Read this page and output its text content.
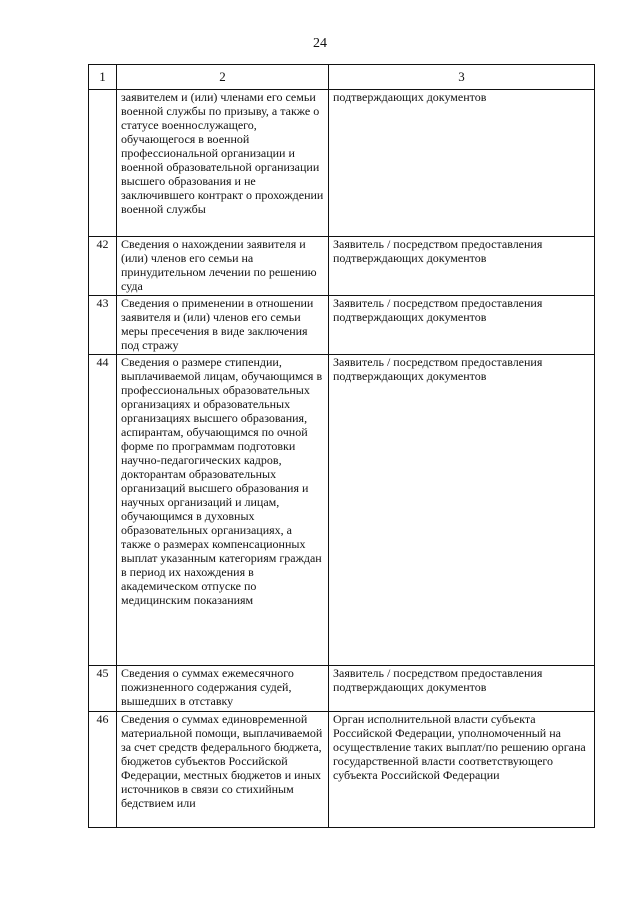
24
1	2	3
	заявителем и (или) членами его семьи военной службы по призыву, а также о статусе военнослужащего, обучающегося в военной профессиональной организации и военной образовательной организации высшего образования и не заключившего контракт о прохождении военной службы	подтверждающих документов
42	Сведения о нахождении заявителя и (или) членов его семьи на принудительном лечении по решению суда	Заявитель / посредством предоставления подтверждающих документов
43	Сведения о применении в отношении заявителя и (или) членов его семьи меры пресечения в виде заключения под стражу	Заявитель / посредством предоставления подтверждающих документов
44	Сведения о размере стипендии, выплачиваемой лицам, обучающимся в профессиональных образовательных организациях и образовательных организациях высшего образования, аспирантам, обучающимся по очной форме по программам подготовки научно-педагогических кадров, докторантам образовательных организаций высшего образования и научных организаций и лицам, обучающимся в духовных образовательных организациях, а также о размерах компенсационных выплат указанным категориям граждан в период их нахождения в академическом отпуске по медицинским показаниям	Заявитель / посредством предоставления подтверждающих документов
45	Сведения о суммах ежемесячного пожизненного содержания судей, вышедших в отставку	Заявитель / посредством предоставления подтверждающих документов
46	Сведения о суммах единовременной материальной помощи, выплачиваемой за счет средств федерального бюджета, бюджетов субъектов Российской Федерации, местных бюджетов и иных источников в связи со стихийным бедствием или	Орган исполнительной власти субъекта Российской Федерации, уполномоченный на осуществление таких выплат/по решению органа государственной власти соответствующего субъекта Российской Федерации
